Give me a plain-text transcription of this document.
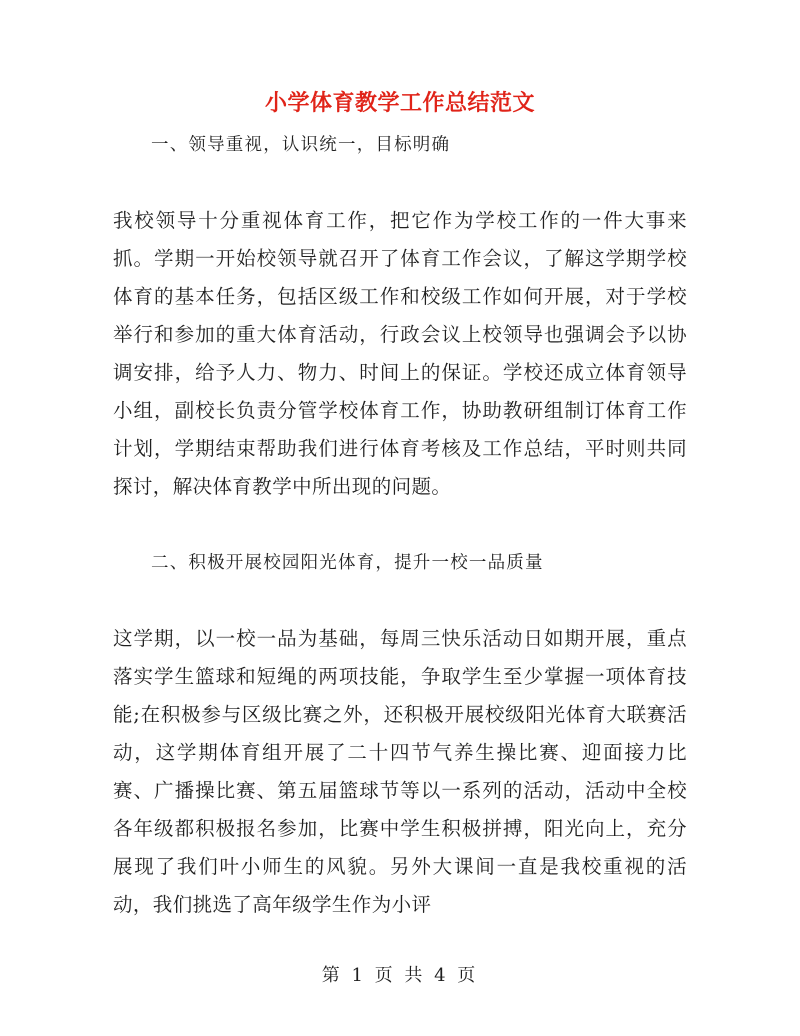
小学体育教学工作总结范文

一、领导重视，认识统一，目标明确

我校领导十分重视体育工作，把它作为学校工作的一件大事来抓。学期一开始校领导就召开了体育工作会议，了解这学期学校体育的基本任务，包括区级工作和校级工作如何开展，对于学校举行和参加的重大体育活动，行政会议上校领导也强调会予以协调安排，给予人力、物力、时间上的保证。学校还成立体育领导小组，副校长负责分管学校体育工作，协助教研组制订体育工作计划，学期结束帮助我们进行体育考核及工作总结，平时则共同探讨，解决体育教学中所出现的问题。

二、积极开展校园阳光体育，提升一校一品质量

这学期，以一校一品为基础，每周三快乐活动日如期开展，重点落实学生篮球和短绳的两项技能，争取学生至少掌握一项体育技能;在积极参与区级比赛之外，还积极开展校级阳光体育大联赛活动，这学期体育组开展了二十四节气养生操比赛、迎面接力比赛、广播操比赛、第五届篮球节等以一系列的活动，活动中全校各年级都积极报名参加，比赛中学生积极拼搏，阳光向上，充分展现了我们叶小师生的风貌。另外大课间一直是我校重视的活动，我们挑选了高年级学生作为小评

第 1 页 共 4 页
